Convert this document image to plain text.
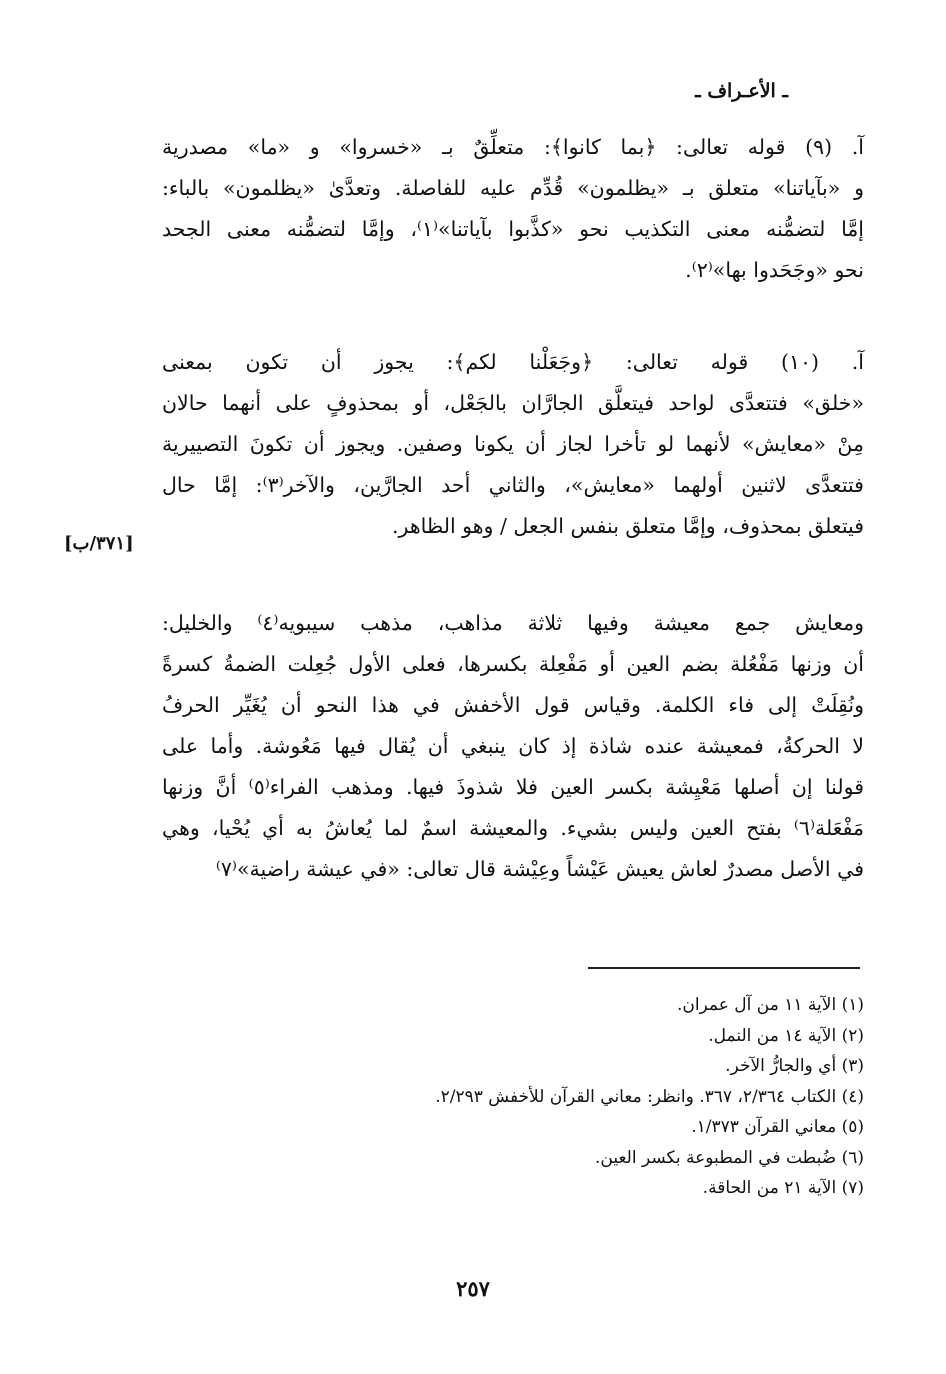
ـ الأعـراف ـ
آ. (٩) قوله تعالى: ﴿بما كانوا﴾: متعلِّقٌ بـ «خسروا» و «ما» مصدرية
و «بآياتنا» متعلق بـ «يظلمون» قُدِّم عليه للفاصلة. وتعدَّىٰ «يظلمون» بالباء:
إمَّا لتضمُّنه معنى التكذيب نحو «كذَّبوا بآياتنا»⁽١⁾، وإمَّا لتضمُّنه معنى الجحد
نحو «وجَحَدوا بها»⁽٢⁾.
آ. (١٠) قوله تعالى: ﴿وجَعَلْنا لكم﴾: يجوز أن تكون بمعنى
«خلق» فتتعدَّى لواحد فيتعلَّق الجارَّان بالجَعْل، أو بمحذوفٍ على أنهما حالان
مِنْ «معايش» لأنهما لو تأخرا لجاز أن يكونا وصفين. ويجوز أن تكونَ التصييرية
فتتعدَّى لاثنين أولهما «معايش»، والثاني أحد الجارَّين، والآخر⁽٣⁾: إمَّا حال
فيتعلق بمحذوف، وإمَّا متعلق بنفس الجعل / وهو الظاهر.
[٣٧١/ب]
ومعايش جمع معيشة وفيها ثلاثة مذاهب، مذهب سيبويه⁽٤⁾ والخليل:
أن وزنها مَفْعُلة بضم العين أو مَفْعِلة بكسرها، فعلى الأول جُعِلت الضمةُ كسرةً
ونُقِلَتْ إلى فاء الكلمة. وقياس قول الأخفش في هذا النحو أن يُغَيِّر الحرفُ
لا الحركةُ، فمعيشة عنده شاذة إذ كان ينبغي أن يُقال فيها مَعُوشة. وأما على
قولنا إن أصلها مَعْيِشة بكسر العين فلا شذوذَ فيها. ومذهب الفراء⁽٥⁾ أنَّ وزنها
مَفْعَلة⁽٦⁾ بفتح العين وليس بشيء. والمعيشة اسمٌ لما يُعاشُ به أي يُحْيا، وهي
في الأصل مصدرٌ لعاش يعيش عَيْشاً وعِيْشة قال تعالى: «في عيشة راضية»⁽٧⁾
(١) الآية ١١ من آل عمران.
(٢) الآية ١٤ من النمل.
(٣) أي والجارُّ الآخر.
(٤) الكتاب ٢/٣٦٤، ٣٦٧. وانظر: معاني القرآن للأخفش ٢/٢٩٣.
(٥) معاني القرآن ١/٣٧٣.
(٦) ضُبطت في المطبوعة بكسر العين.
(٧) الآية ٢١ من الحاقة.
٢٥٧
